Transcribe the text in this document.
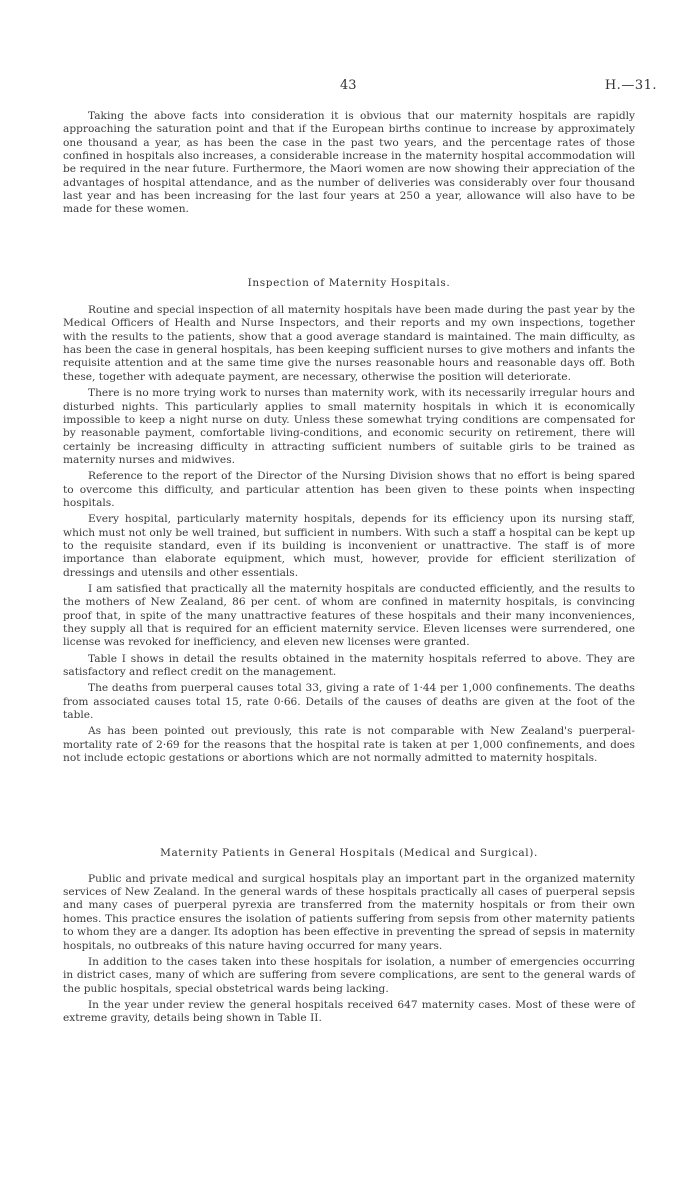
43	H.—31.

Taking the above facts into consideration it is obvious that our maternity hospitals are rapidly approaching the saturation point and that if the European births continue to increase by approximately one thousand a year, as has been the case in the past two years, and the percentage rates of those confined in hospitals also increases, a considerable increase in the maternity hospital accommodation will be required in the near future. Furthermore, the Maori women are now showing their appreciation of the advantages of hospital attendance, and as the number of deliveries was considerably over four thousand last year and has been increasing for the last four years at 250 a year, allowance will also have to be made for these women.

Inspection of Maternity Hospitals.

Routine and special inspection of all maternity hospitals have been made during the past year by the Medical Officers of Health and Nurse Inspectors, and their reports and my own inspections, together with the results to the patients, show that a good average standard is maintained. The main difficulty, as has been the case in general hospitals, has been keeping sufficient nurses to give mothers and infants the requisite attention and at the same time give the nurses reasonable hours and reasonable days off. Both these, together with adequate payment, are necessary, otherwise the position will deteriorate.

There is no more trying work to nurses than maternity work, with its necessarily irregular hours and disturbed nights. This particularly applies to small maternity hospitals in which it is economically impossible to keep a night nurse on duty. Unless these somewhat trying conditions are compensated for by reasonable payment, comfortable living-conditions, and economic security on retirement, there will certainly be increasing difficulty in attracting sufficient numbers of suitable girls to be trained as maternity nurses and midwives.

Reference to the report of the Director of the Nursing Division shows that no effort is being spared to overcome this difficulty, and particular attention has been given to these points when inspecting hospitals.

Every hospital, particularly maternity hospitals, depends for its efficiency upon its nursing staff, which must not only be well trained, but sufficient in numbers. With such a staff a hospital can be kept up to the requisite standard, even if its building is inconvenient or unattractive. The staff is of more importance than elaborate equipment, which must, however, provide for efficient sterilization of dressings and utensils and other essentials.

I am satisfied that practically all the maternity hospitals are conducted efficiently, and the results to the mothers of New Zealand, 86 per cent. of whom are confined in maternity hospitals, is convincing proof that, in spite of the many unattractive features of these hospitals and their many inconveniences, they supply all that is required for an efficient maternity service. Eleven licenses were surrendered, one license was revoked for inefficiency, and eleven new licenses were granted.

Table I shows in detail the results obtained in the maternity hospitals referred to above. They are satisfactory and reflect credit on the management.

The deaths from puerperal causes total 33, giving a rate of 1·44 per 1,000 confinements. The deaths from associated causes total 15, rate 0·66. Details of the causes of deaths are given at the foot of the table.

As has been pointed out previously, this rate is not comparable with New Zealand's puerperal-mortality rate of 2·69 for the reasons that the hospital rate is taken at per 1,000 confinements, and does not include ectopic gestations or abortions which are not normally admitted to maternity hospitals.

Maternity Patients in General Hospitals (Medical and Surgical).

Public and private medical and surgical hospitals play an important part in the organized maternity services of New Zealand. In the general wards of these hospitals practically all cases of puerperal sepsis and many cases of puerperal pyrexia are transferred from the maternity hospitals or from their own homes. This practice ensures the isolation of patients suffering from sepsis from other maternity patients to whom they are a danger. Its adoption has been effective in preventing the spread of sepsis in maternity hospitals, no outbreaks of this nature having occurred for many years.

In addition to the cases taken into these hospitals for isolation, a number of emergencies occurring in district cases, many of which are suffering from severe complications, are sent to the general wards of the public hospitals, special obstetrical wards being lacking.

In the year under review the general hospitals received 647 maternity cases. Most of these were of extreme gravity, details being shown in Table II.
